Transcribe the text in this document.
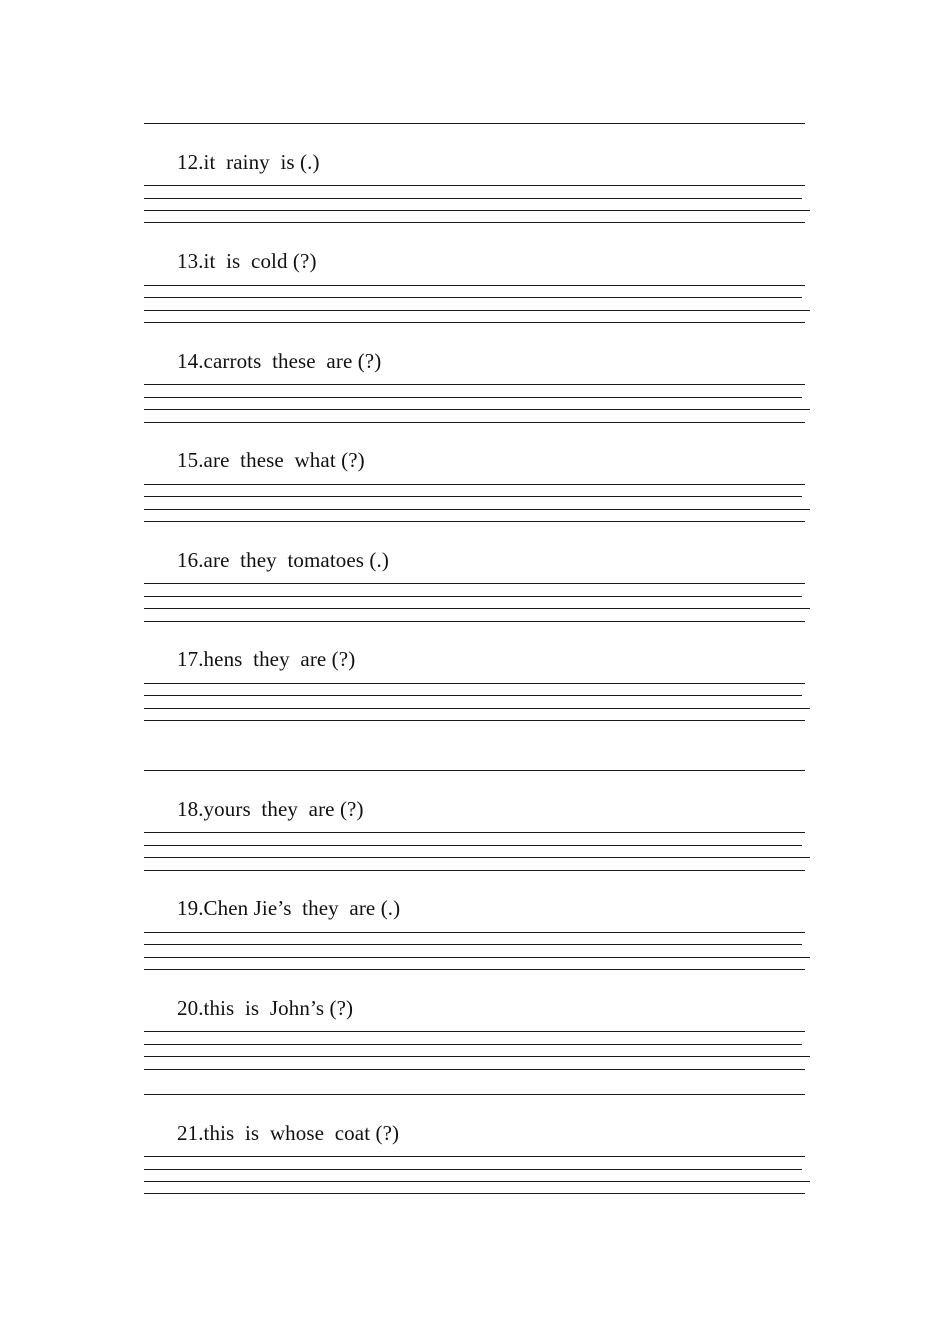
12.it  rainy  is (.)
13.it  is  cold (?)
14.carrots  these  are (?)
15.are  these  what (?)
16.are  they  tomatoes (.)
17.hens  they  are (?)
18.yours  they  are (?)
19.Chen Jie’s  they  are (.)
20.this  is  John’s (?)
21.this  is  whose  coat (?)
